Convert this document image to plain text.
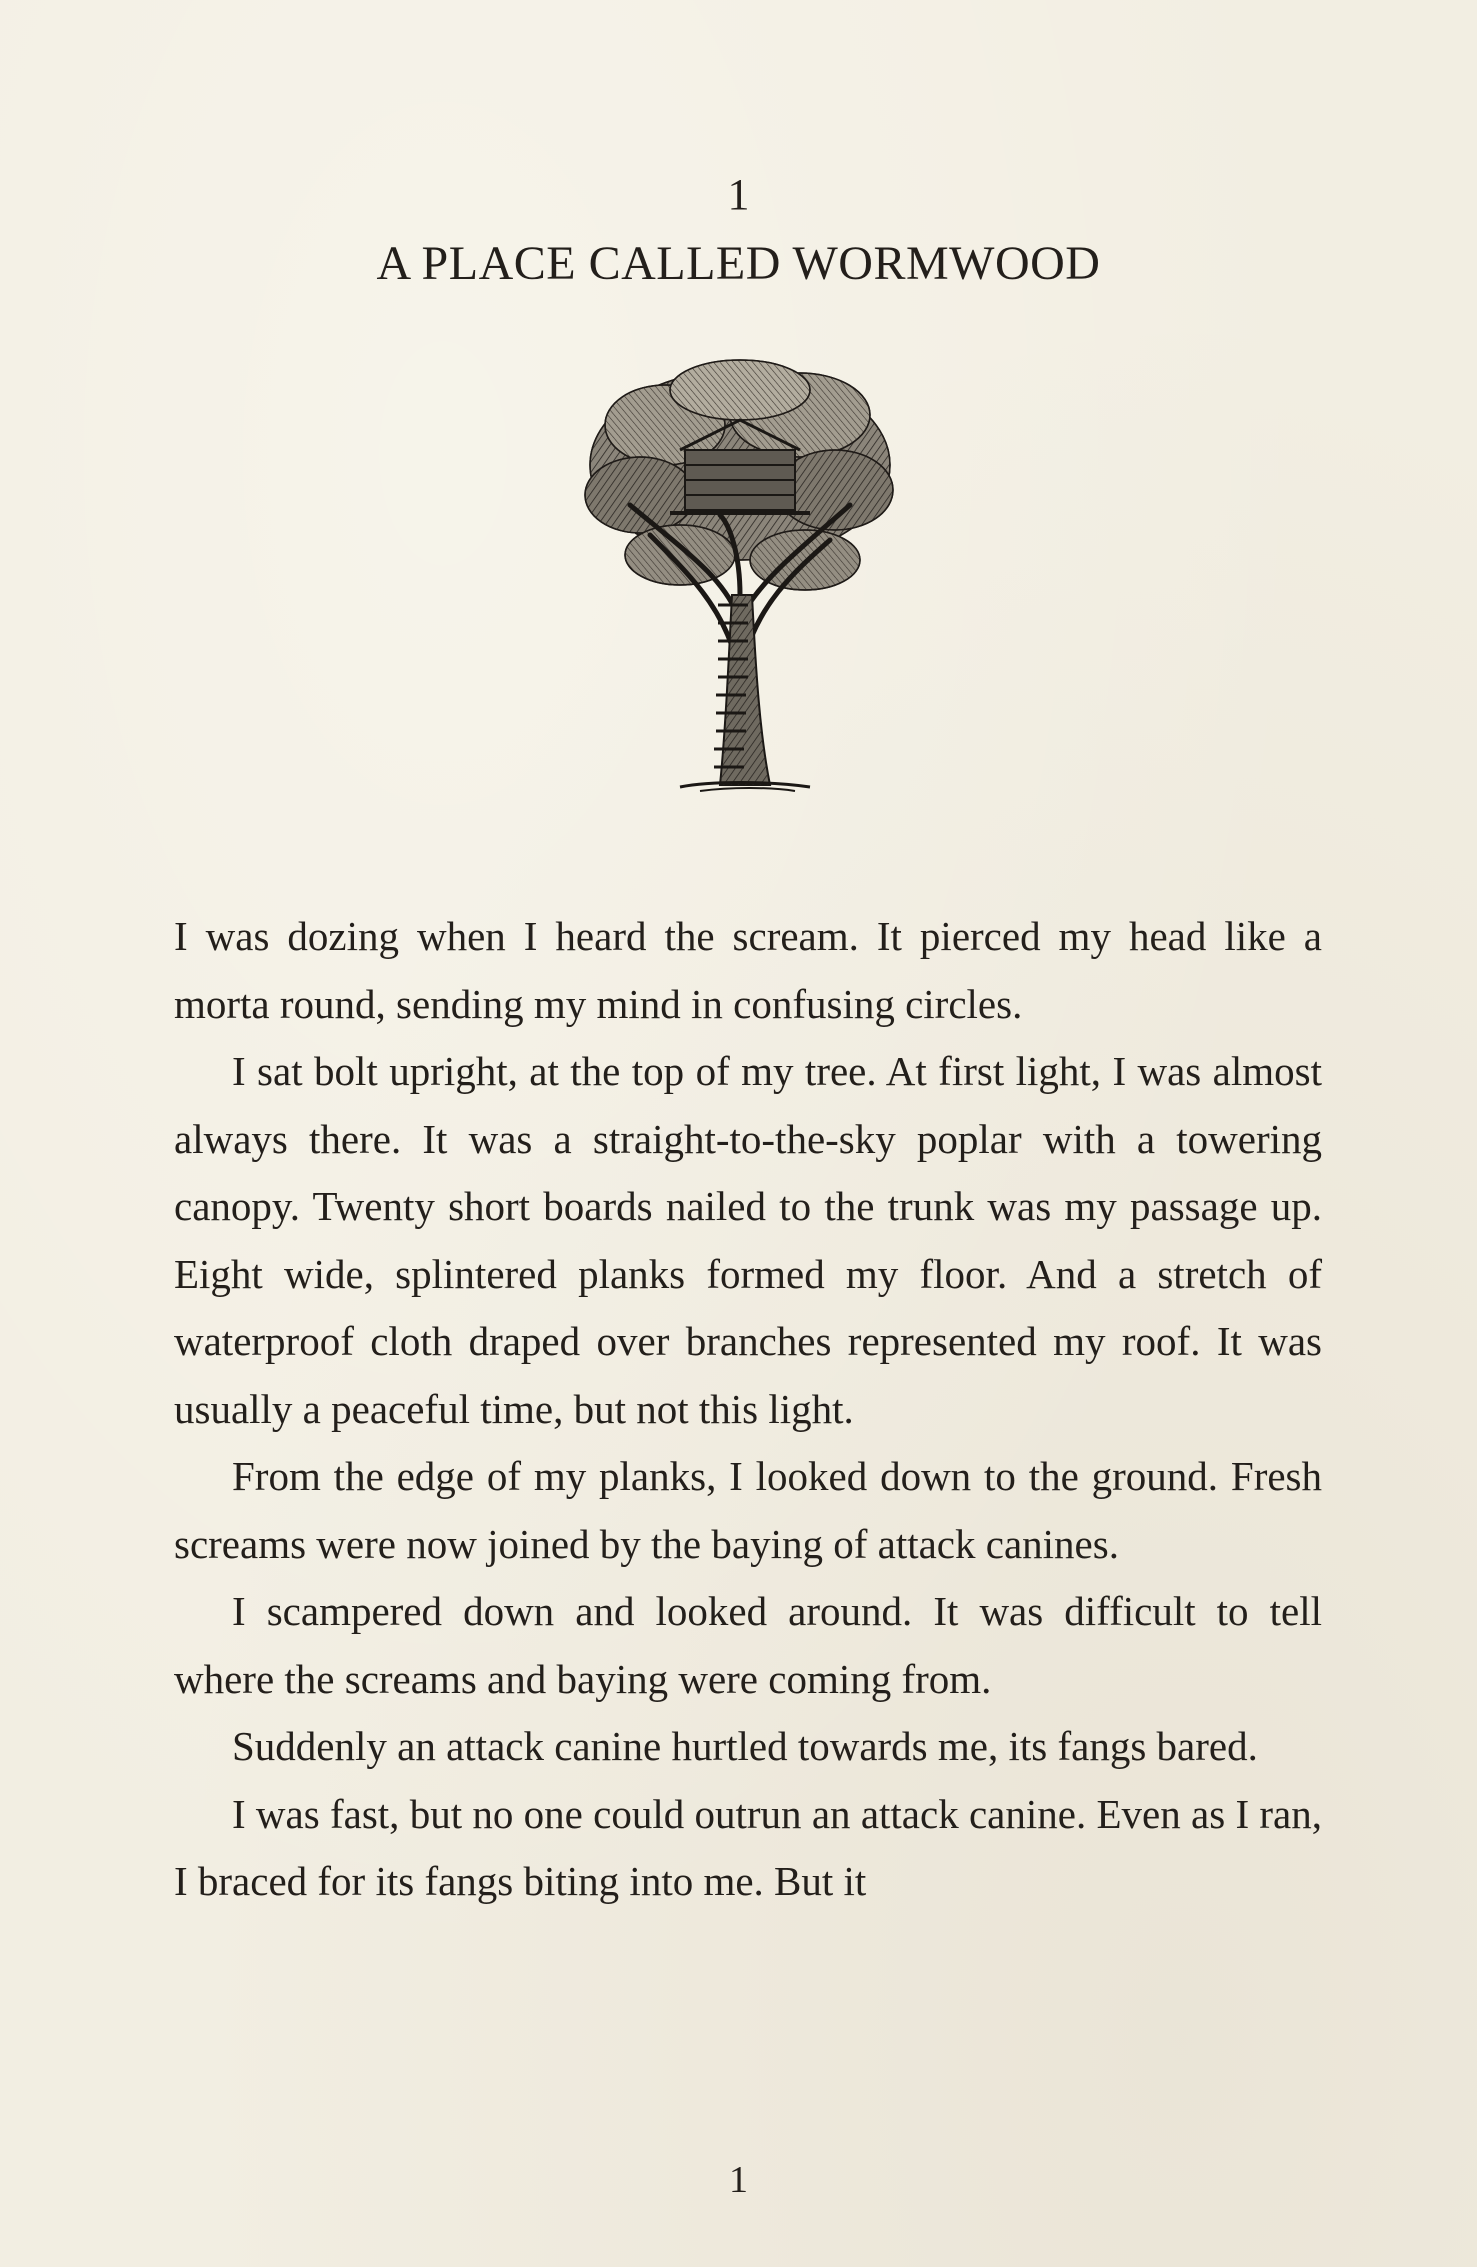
1
A PLACE CALLED WORMWOOD

I was dozing when I heard the scream. It pierced my head like a morta round, sending my mind in confusing circles.

I sat bolt upright, at the top of my tree. At first light, I was almost always there. It was a straight-to-the-sky poplar with a towering canopy. Twenty short boards nailed to the trunk was my passage up. Eight wide, splintered planks formed my floor. And a stretch of waterproof cloth draped over branches represented my roof. It was usually a peaceful time, but not this light.

From the edge of my planks, I looked down to the ground. Fresh screams were now joined by the baying of attack canines.

I scampered down and looked around. It was difficult to tell where the screams and baying were coming from.

Suddenly an attack canine hurtled towards me, its fangs bared.

I was fast, but no one could outrun an attack canine. Even as I ran, I braced for its fangs biting into me. But it

1
